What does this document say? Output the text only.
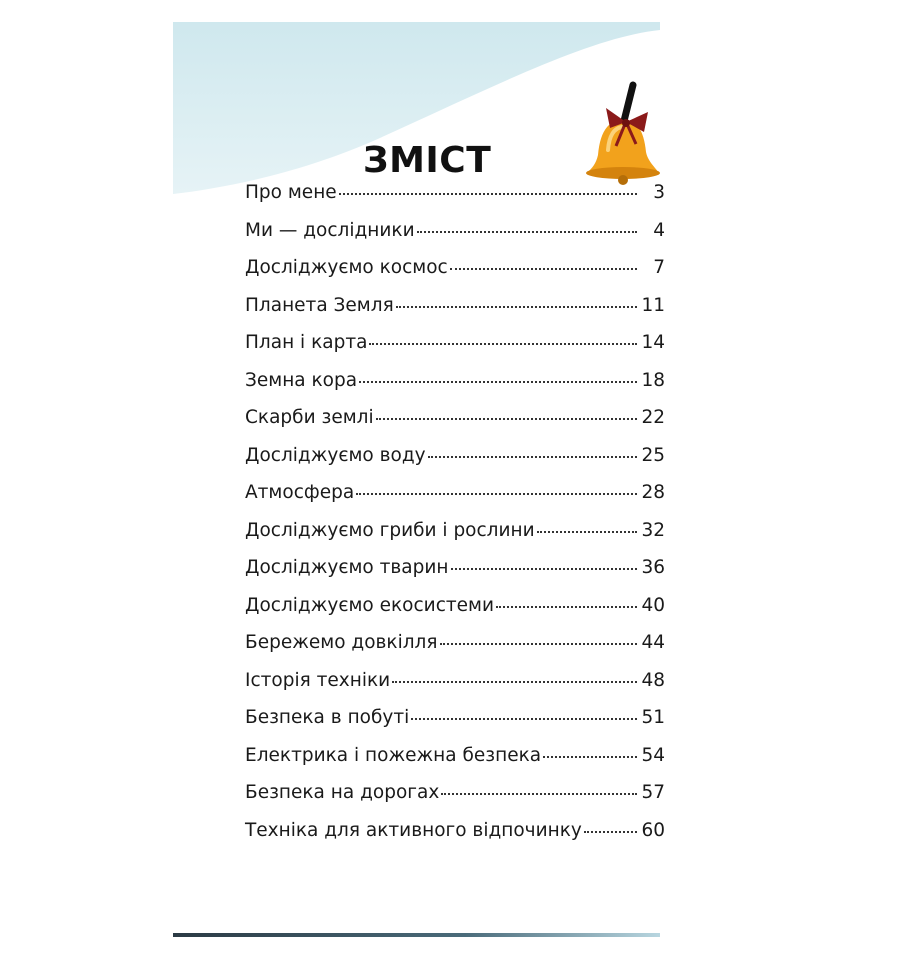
ЗМІСТ
Про мене	3
Ми — дослідники	4
Досліджуємо космос	7
Планета Земля	11
План і карта	14
Земна кора	18
Скарби землі	22
Досліджуємо воду	25
Атмосфера	28
Досліджуємо гриби і рослини	32
Досліджуємо тварин	36
Досліджуємо екосистеми	40
Бережемо довкілля	44
Історія техніки	48
Безпека в побуті	51
Електрика і пожежна безпека	54
Безпека на дорогах	57
Техніка для активного відпочинку	60
